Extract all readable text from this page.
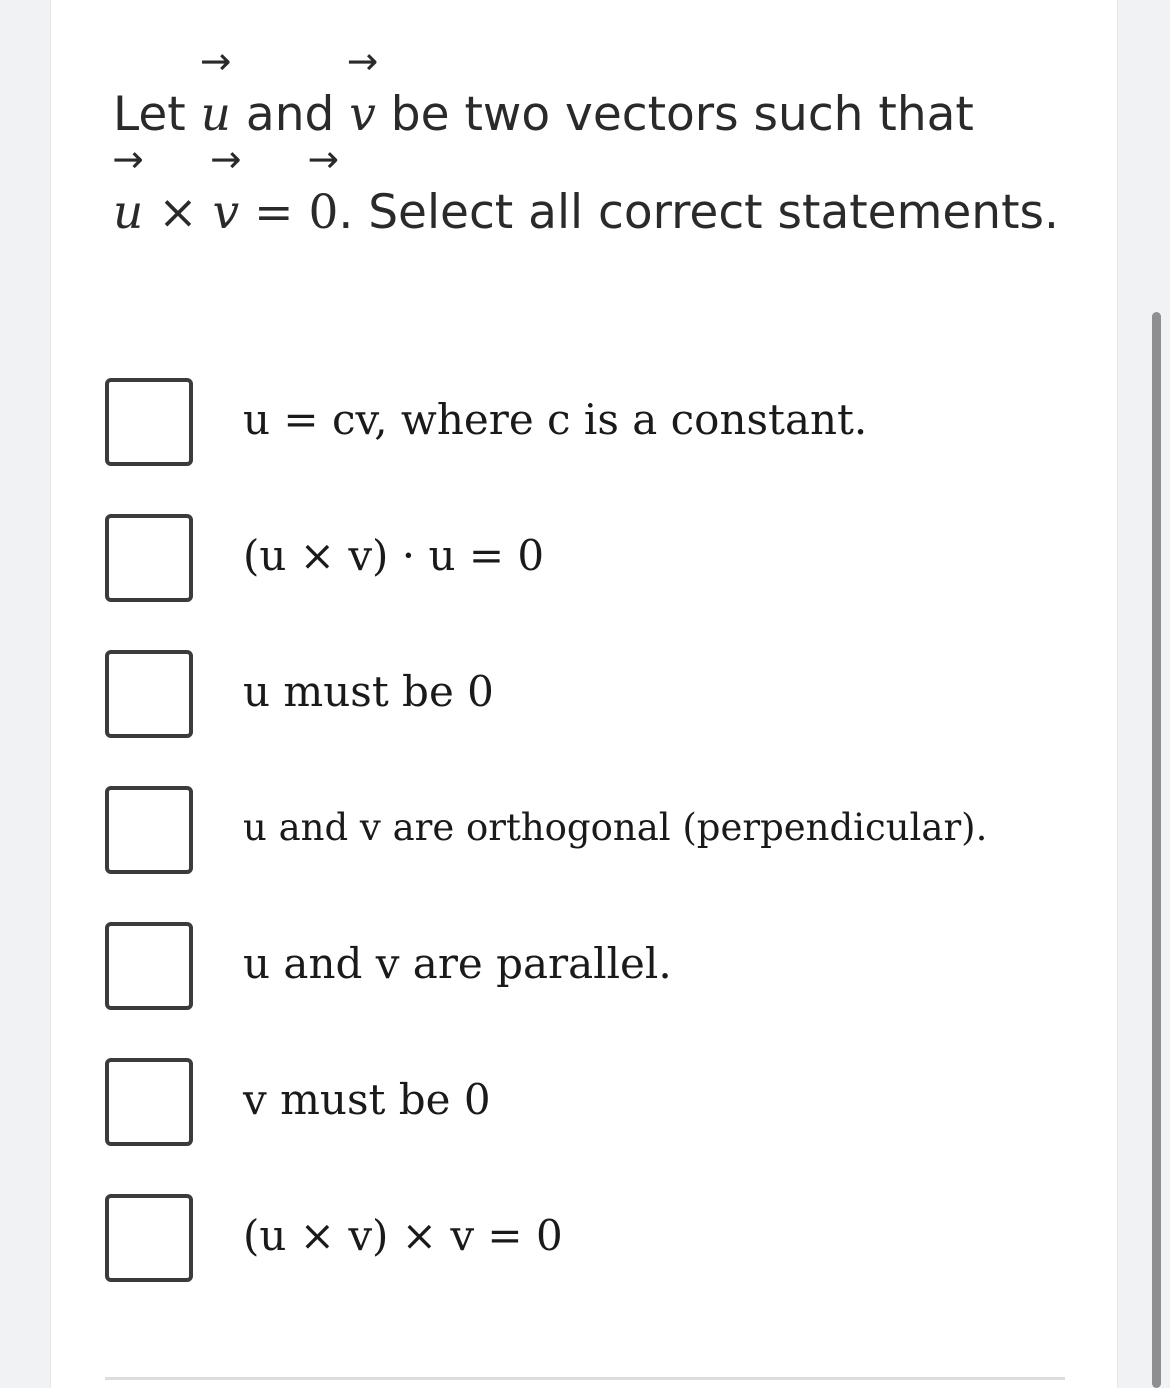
Let → u and → v be two vectors such that
→ u × → v = → 0. Select all correct statements.
u = cv, where c is a constant.
(u × v) · u = 0
u must be 0
u and v are orthogonal (perpendicular).
u and v are parallel.
v must be 0
(u × v) × v = 0
